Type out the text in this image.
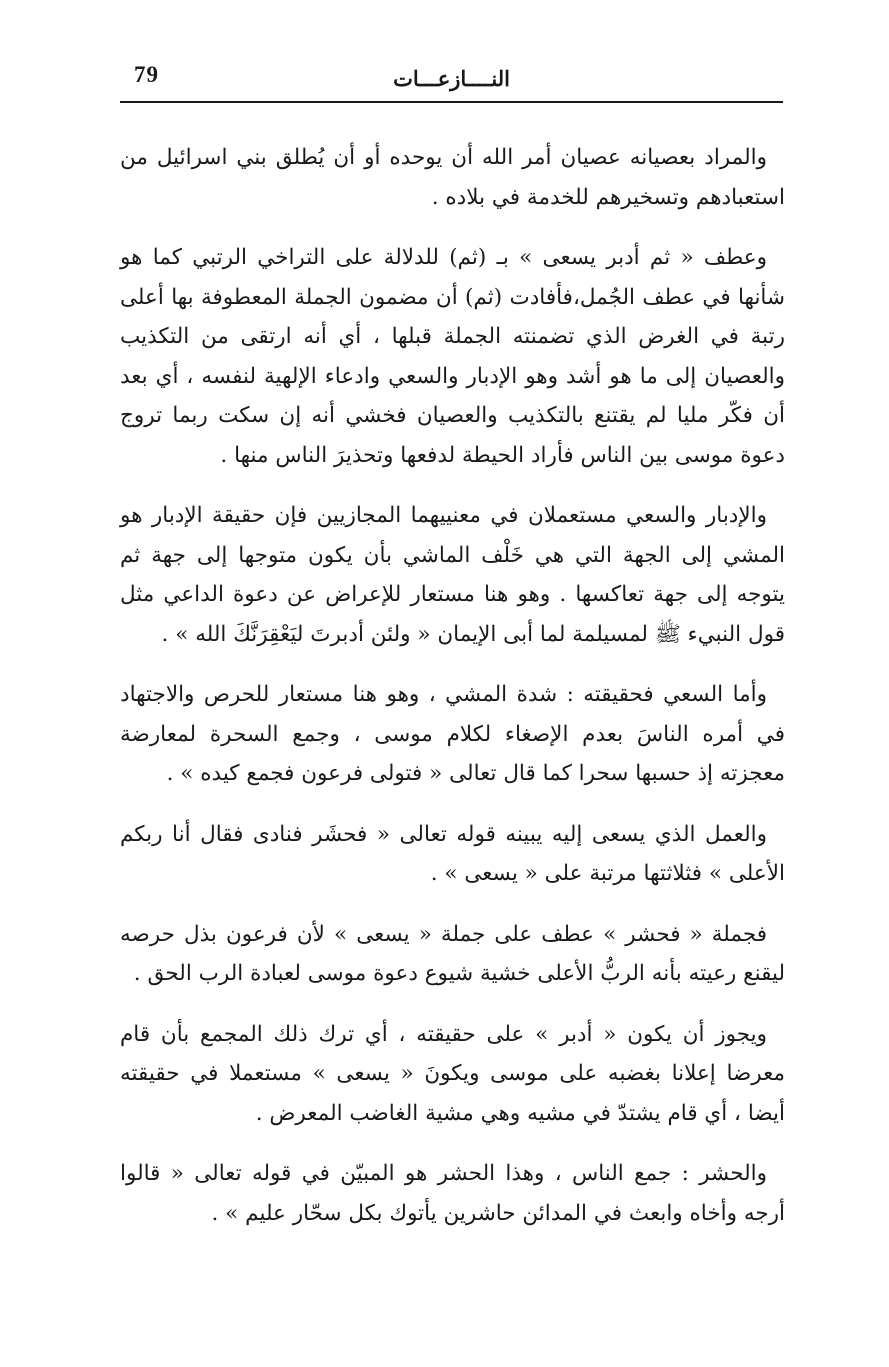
79	النــــازعـــات

والمراد بعصيانه عصيان أمر الله أن يوحده أو أن يُطلق بني اسرائيل من استعبادهم وتسخيرهم للخدمة في بلاده .

وعطف « ثم أدبر يسعى » بـ (ثم) للدلالة على التراخي الرتبي كما هو شأنها في عطف الجُمل،فأفادت (ثم) أن مضمون الجملة المعطوفة بها أعلى رتبة في الغرض الذي تضمنته الجملة قبلها ، أي أنه ارتقى من التكذيب والعصيان إلى ما هو أشد وهو الإدبار والسعي وادعاء الإلهية لنفسه ، أي بعد أن فكّر مليا لم يقتنع بالتكذيب والعصيان فخشي أنه إن سكت ربما تروج دعوة موسى بين الناس فأراد الحيطة لدفعها وتحذيرَ الناس منها .

والإدبار والسعي مستعملان في معنييهما المجازيين فإن حقيقة الإدبار هو المشي إلى الجهة التي هي خَلْف الماشي بأن يكون متوجها إلى جهة ثم يتوجه إلى جهة تعاكسها . وهو هنا مستعار للإعراض عن دعوة الداعي مثل قول النبيء ﷺ لمسيلمة لما أبى الإيمان « ولئن أدبرتَ ليَعْقِرَنَّكَ الله » .

وأما السعي فحقيقته : شدة المشي ، وهو هنا مستعار للحرص والاجتهاد في أمره الناسَ بعدم الإصغاء لكلام موسى ، وجمع السحرة لمعارضة معجزته إذ حسبها سحرا كما قال تعالى « فتولى فرعون فجمع كيده » .

والعمل الذي يسعى إليه يبينه قوله تعالى « فحشَر فنادى فقال أنا ربكم الأعلى » فثلاثتها مرتبة على « يسعى » .

فجملة « فحشر » عطف على جملة « يسعى » لأن فرعون بذل حرصه ليقنع رعيته بأنه الربُّ الأعلى خشية شيوع دعوة موسى لعبادة الرب الحق .

ويجوز أن يكون « أدبر » على حقيقته ، أي ترك ذلك المجمع بأن قام معرضا إعلانا بغضبه على موسى ويكونَ « يسعى » مستعملا في حقيقته أيضا ، أي قام يشتدّ في مشيه وهي مشية الغاضب المعرض .

والحشر : جمع الناس ، وهذا الحشر هو المبيّن في قوله تعالى « قالوا أرجه وأخاه وابعث في المدائن حاشرين يأتوك بكل سحّار عليم » .
